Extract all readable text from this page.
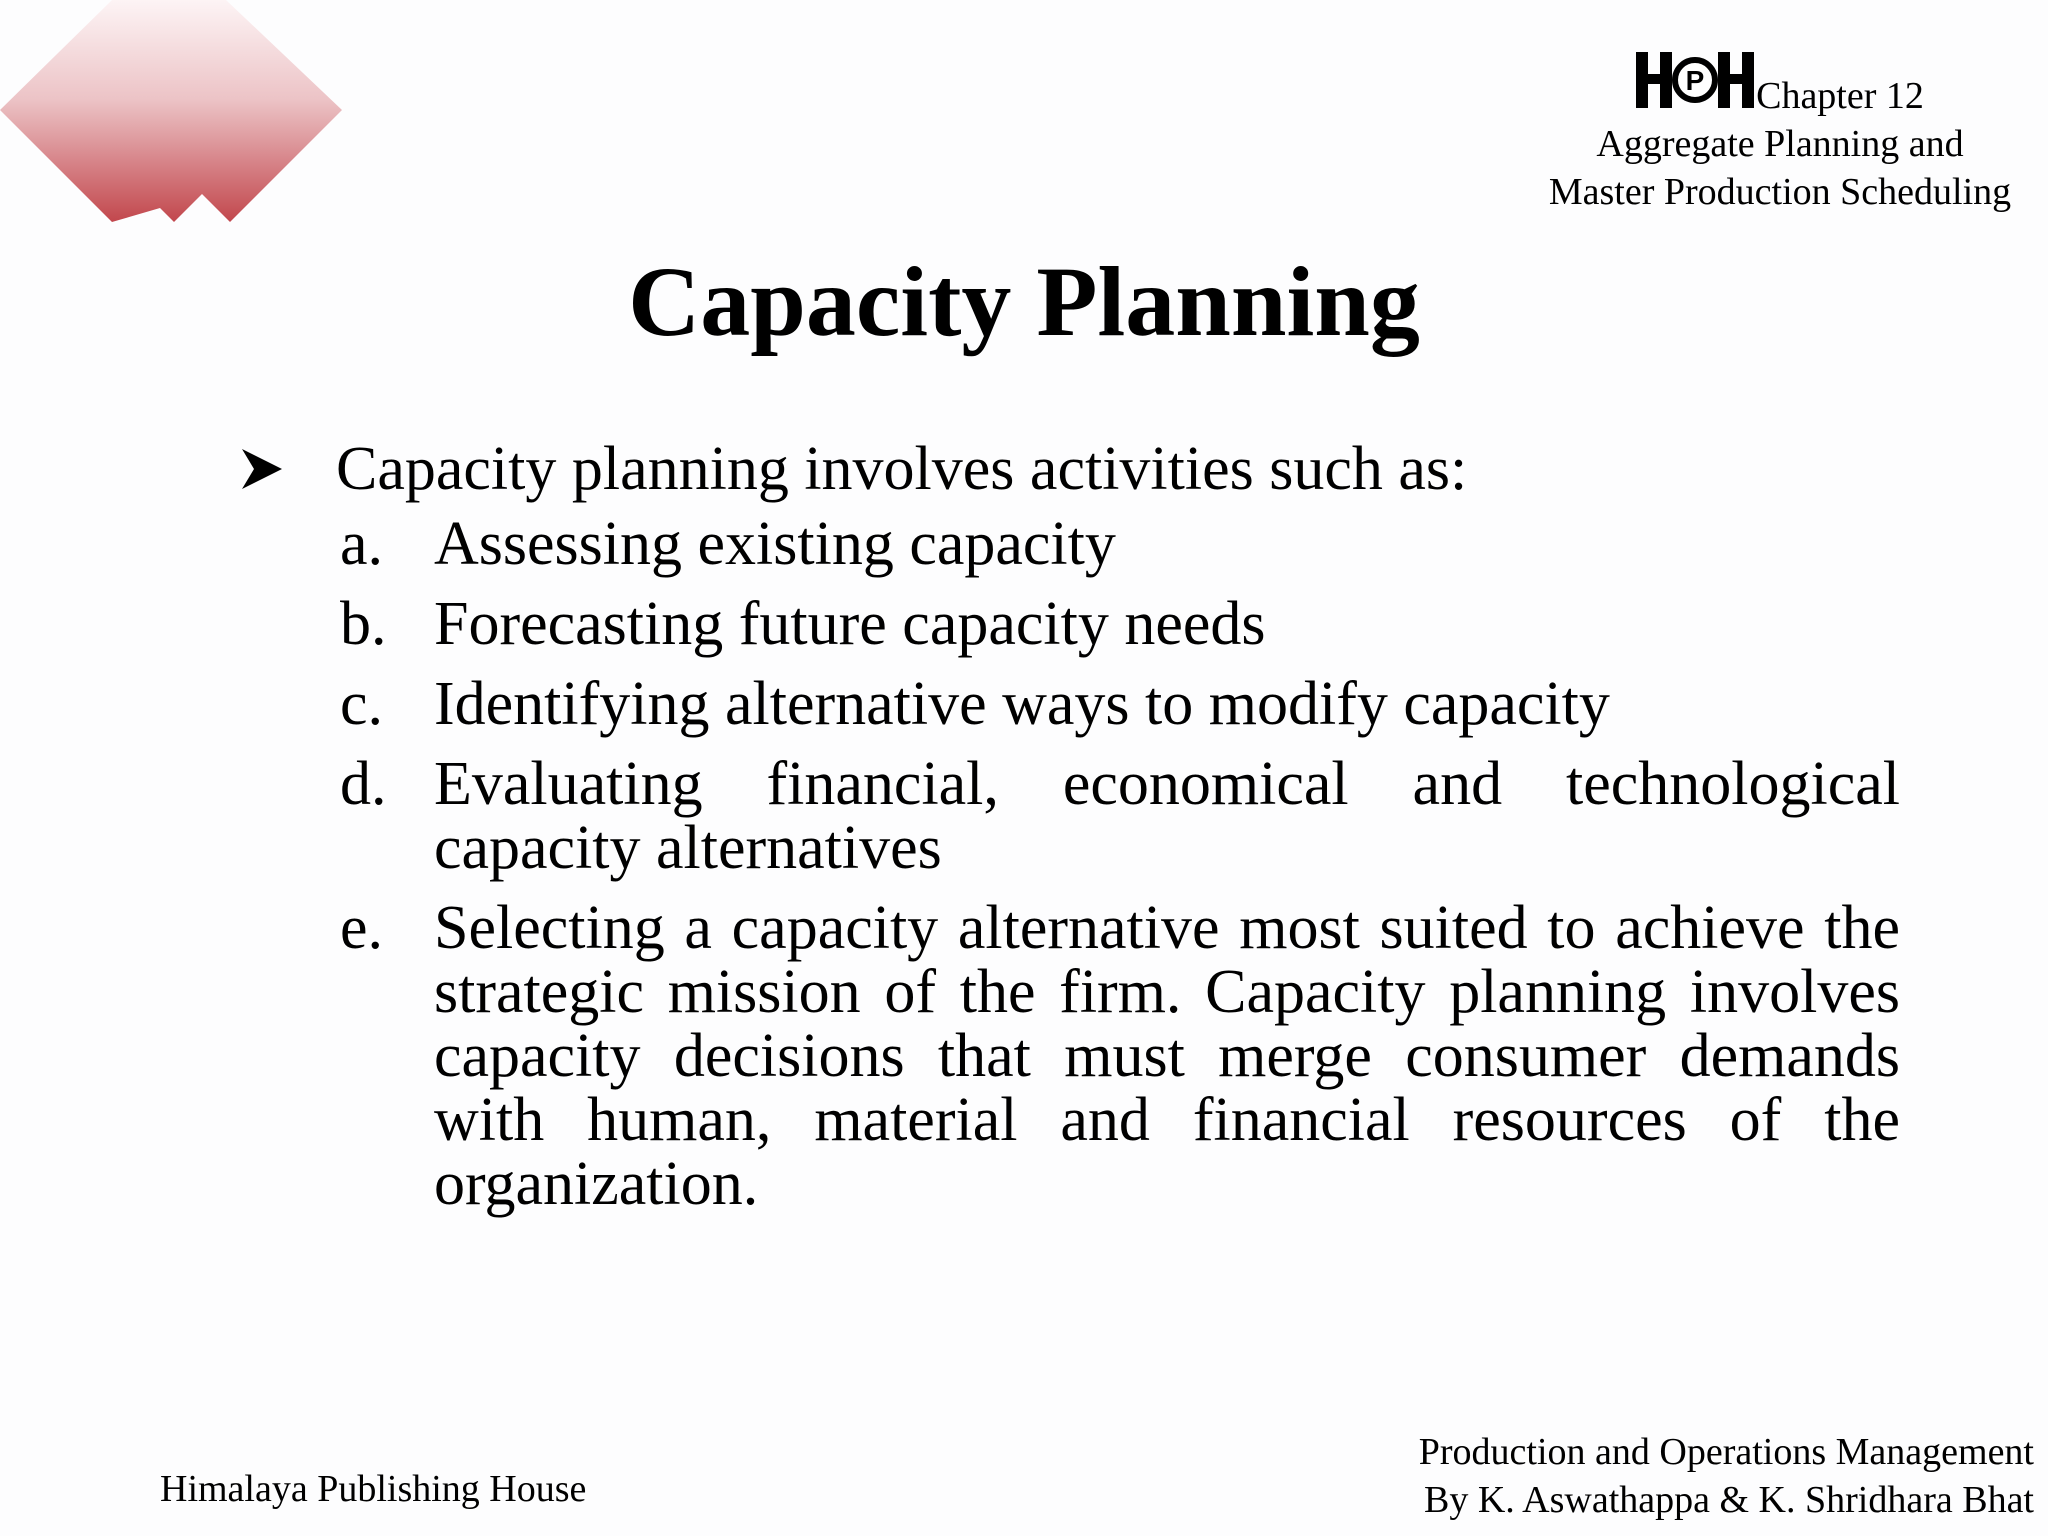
P Chapter 12
Aggregate Planning and
Master Production Scheduling
Capacity Planning
Capacity planning involves activities such as:
a. Assessing existing capacity
b. Forecasting future capacity needs
c. Identifying alternative ways to modify capacity
d. Evaluating financial, economical and technological capacity alternatives
e. Selecting a capacity alternative most suited to achieve the strategic mission of the firm. Capacity planning involves capacity decisions that must merge consumer demands with human, material and financial resources of the organization.
Himalaya Publishing House
Production and Operations Management
By K. Aswathappa & K. Shridhara Bhat
